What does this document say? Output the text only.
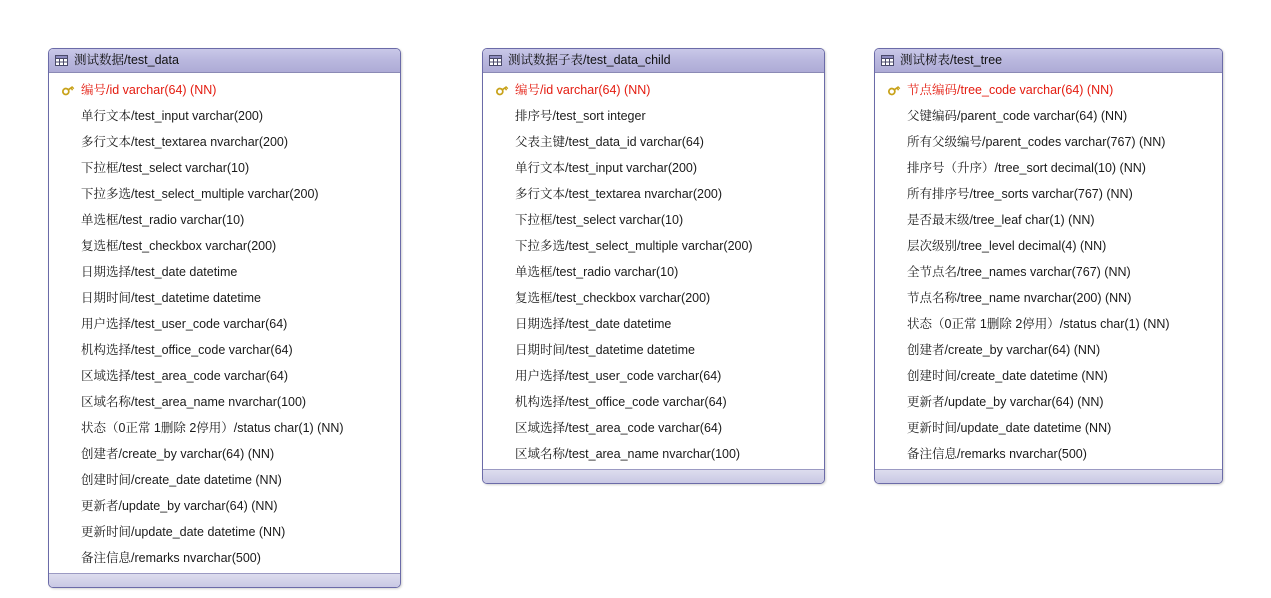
测试数据/test_data
编号/id varchar(64) (NN)
单行文本/test_input varchar(200)
多行文本/test_textarea nvarchar(200)
下拉框/test_select varchar(10)
下拉多选/test_select_multiple varchar(200)
单选框/test_radio varchar(10)
复选框/test_checkbox varchar(200)
日期选择/test_date datetime
日期时间/test_datetime datetime
用户选择/test_user_code varchar(64)
机构选择/test_office_code varchar(64)
区域选择/test_area_code varchar(64)
区域名称/test_area_name nvarchar(100)
状态（0正常 1删除 2停用）/status char(1) (NN)
创建者/create_by varchar(64) (NN)
创建时间/create_date datetime (NN)
更新者/update_by varchar(64) (NN)
更新时间/update_date datetime (NN)
备注信息/remarks nvarchar(500)
测试数据子表/test_data_child
编号/id varchar(64) (NN)
排序号/test_sort integer
父表主键/test_data_id varchar(64)
单行文本/test_input varchar(200)
多行文本/test_textarea nvarchar(200)
下拉框/test_select varchar(10)
下拉多选/test_select_multiple varchar(200)
单选框/test_radio varchar(10)
复选框/test_checkbox varchar(200)
日期选择/test_date datetime
日期时间/test_datetime datetime
用户选择/test_user_code varchar(64)
机构选择/test_office_code varchar(64)
区域选择/test_area_code varchar(64)
区域名称/test_area_name nvarchar(100)
测试树表/test_tree
节点编码/tree_code varchar(64) (NN)
父键编码/parent_code varchar(64) (NN)
所有父级编号/parent_codes varchar(767) (NN)
排序号（升序）/tree_sort decimal(10) (NN)
所有排序号/tree_sorts varchar(767) (NN)
是否最末级/tree_leaf char(1) (NN)
层次级别/tree_level decimal(4) (NN)
全节点名/tree_names varchar(767) (NN)
节点名称/tree_name nvarchar(200) (NN)
状态（0正常 1删除 2停用）/status char(1) (NN)
创建者/create_by varchar(64) (NN)
创建时间/create_date datetime (NN)
更新者/update_by varchar(64) (NN)
更新时间/update_date datetime (NN)
备注信息/remarks nvarchar(500)
